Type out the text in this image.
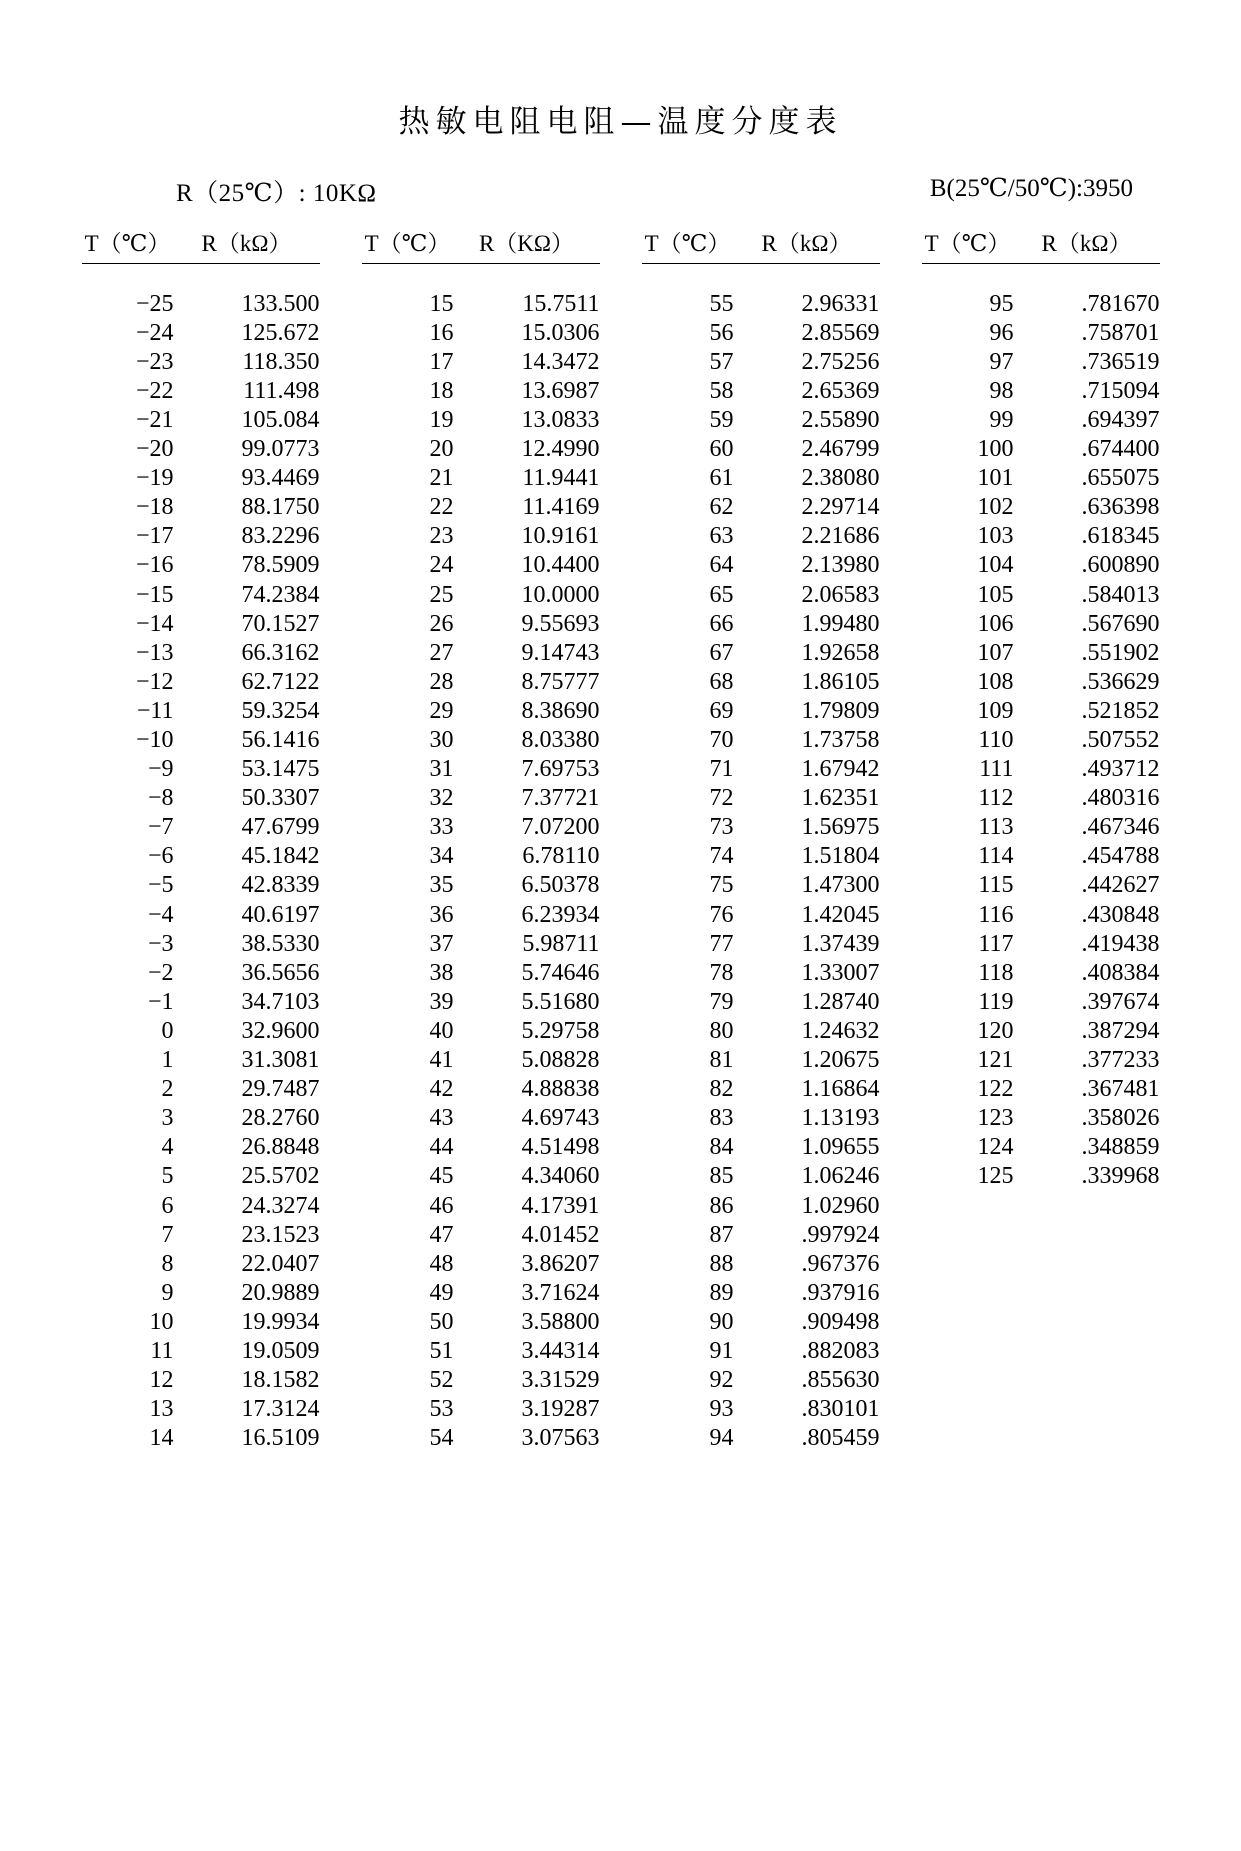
热敏电阻电阻—温度分度表
R（25℃）: 10KΩ	B(25℃/50℃):3950
T（℃）	R（kΩ）		T（℃）	R（KΩ）		T（℃）	R（kΩ）		T（℃）	R（kΩ）

−25	133.500		15	15.7511		55	2.96331		95	.781670
−24	125.672		16	15.0306		56	2.85569		96	.758701
−23	118.350		17	14.3472		57	2.75256		97	.736519
−22	111.498		18	13.6987		58	2.65369		98	.715094
−21	105.084		19	13.0833		59	2.55890		99	.694397
−20	99.0773		20	12.4990		60	2.46799		100	.674400
−19	93.4469		21	11.9441		61	2.38080		101	.655075
−18	88.1750		22	11.4169		62	2.29714		102	.636398
−17	83.2296		23	10.9161		63	2.21686		103	.618345
−16	78.5909		24	10.4400		64	2.13980		104	.600890
−15	74.2384		25	10.0000		65	2.06583		105	.584013
−14	70.1527		26	9.55693		66	1.99480		106	.567690
−13	66.3162		27	9.14743		67	1.92658		107	.551902
−12	62.7122		28	8.75777		68	1.86105		108	.536629
−11	59.3254		29	8.38690		69	1.79809		109	.521852
−10	56.1416		30	8.03380		70	1.73758		110	.507552
−9	53.1475		31	7.69753		71	1.67942		111	.493712
−8	50.3307		32	7.37721		72	1.62351		112	.480316
−7	47.6799		33	7.07200		73	1.56975		113	.467346
−6	45.1842		34	6.78110		74	1.51804		114	.454788
−5	42.8339		35	6.50378		75	1.47300		115	.442627
−4	40.6197		36	6.23934		76	1.42045		116	.430848
−3	38.5330		37	5.98711		77	1.37439		117	.419438
−2	36.5656		38	5.74646		78	1.33007		118	.408384
−1	34.7103		39	5.51680		79	1.28740		119	.397674
0	32.9600		40	5.29758		80	1.24632		120	.387294
1	31.3081		41	5.08828		81	1.20675		121	.377233
2	29.7487		42	4.88838		82	1.16864		122	.367481
3	28.2760		43	4.69743		83	1.13193		123	.358026
4	26.8848		44	4.51498		84	1.09655		124	.348859
5	25.5702		45	4.34060		85	1.06246		125	.339968
6	24.3274		46	4.17391		86	1.02960			
7	23.1523		47	4.01452		87	.997924			
8	22.0407		48	3.86207		88	.967376			
9	20.9889		49	3.71624		89	.937916			
10	19.9934		50	3.58800		90	.909498			
11	19.0509		51	3.44314		91	.882083			
12	18.1582		52	3.31529		92	.855630			
13	17.3124		53	3.19287		93	.830101			
14	16.5109		54	3.07563		94	.805459			
